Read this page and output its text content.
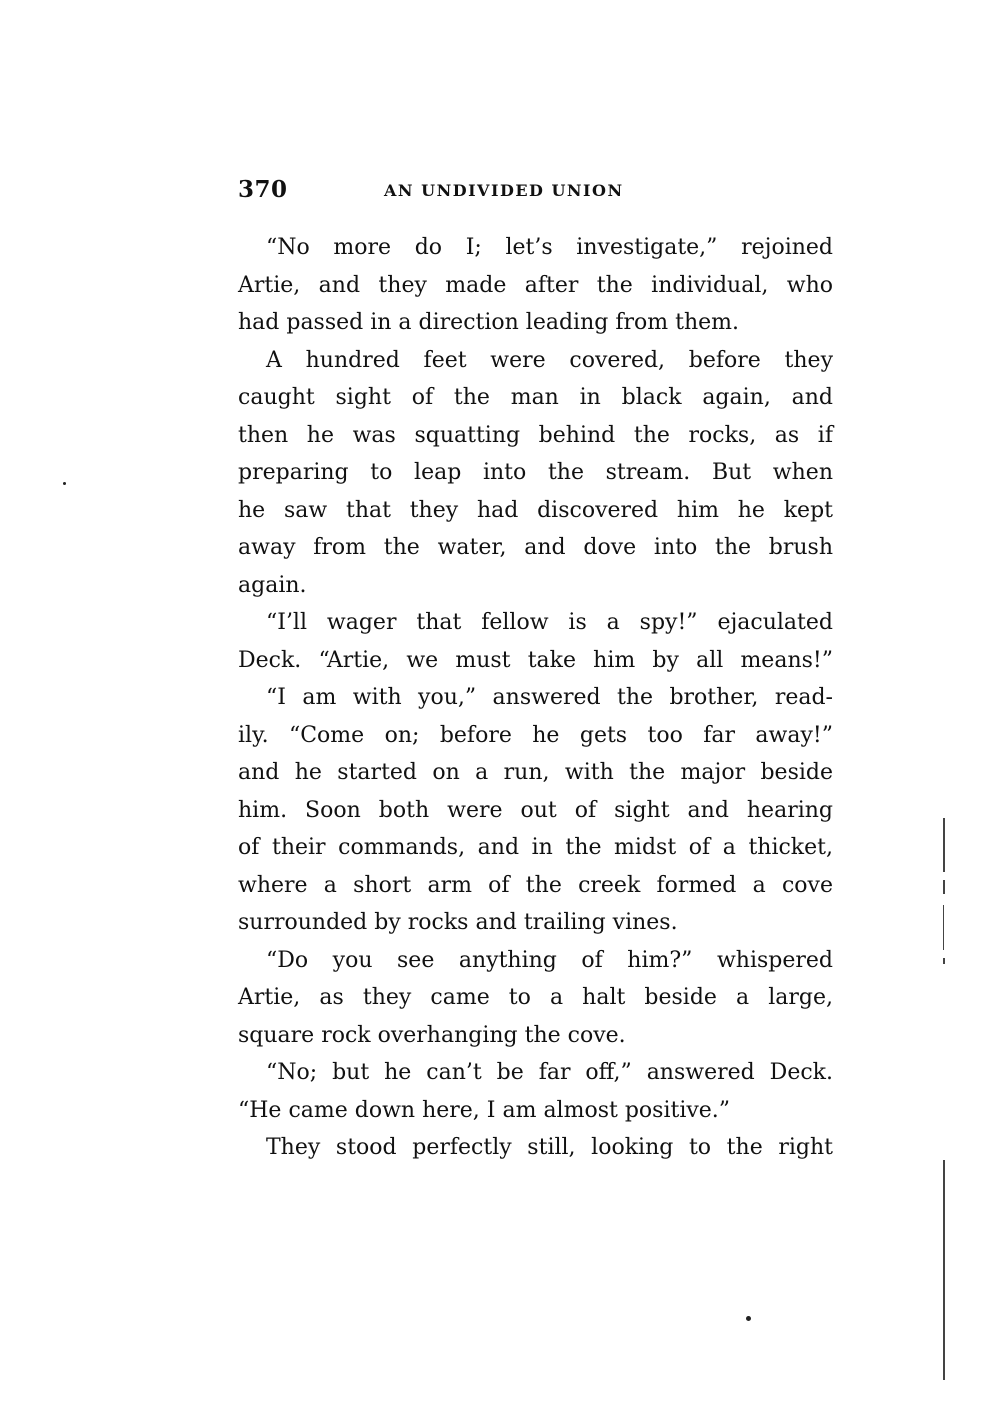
370	AN UNDIVIDED UNION
“No more do I; let’s investigate,” rejoined
Artie, and they made after the individual, who
had passed in a direction leading from them.
A hundred feet were covered, before they
caught sight of the man in black again, and
then he was squatting behind the rocks, as if
preparing to leap into the stream. But when
he saw that they had discovered him he kept
away from the water, and dove into the brush
again.
“I’ll wager that fellow is a spy!” ejaculated
Deck. “Artie, we must take him by all means!”
“I am with you,” answered the brother, read-
ily. “Come on; before he gets too far away!”
and he started on a run, with the major beside
him. Soon both were out of sight and hearing
of their commands, and in the midst of a thicket,
where a short arm of the creek formed a cove
surrounded by rocks and trailing vines.
“Do you see anything of him?” whispered
Artie, as they came to a halt beside a large,
square rock overhanging the cove.
“No; but he can’t be far off,” answered Deck.
“He came down here, I am almost positive.”
They stood perfectly still, looking to the right
